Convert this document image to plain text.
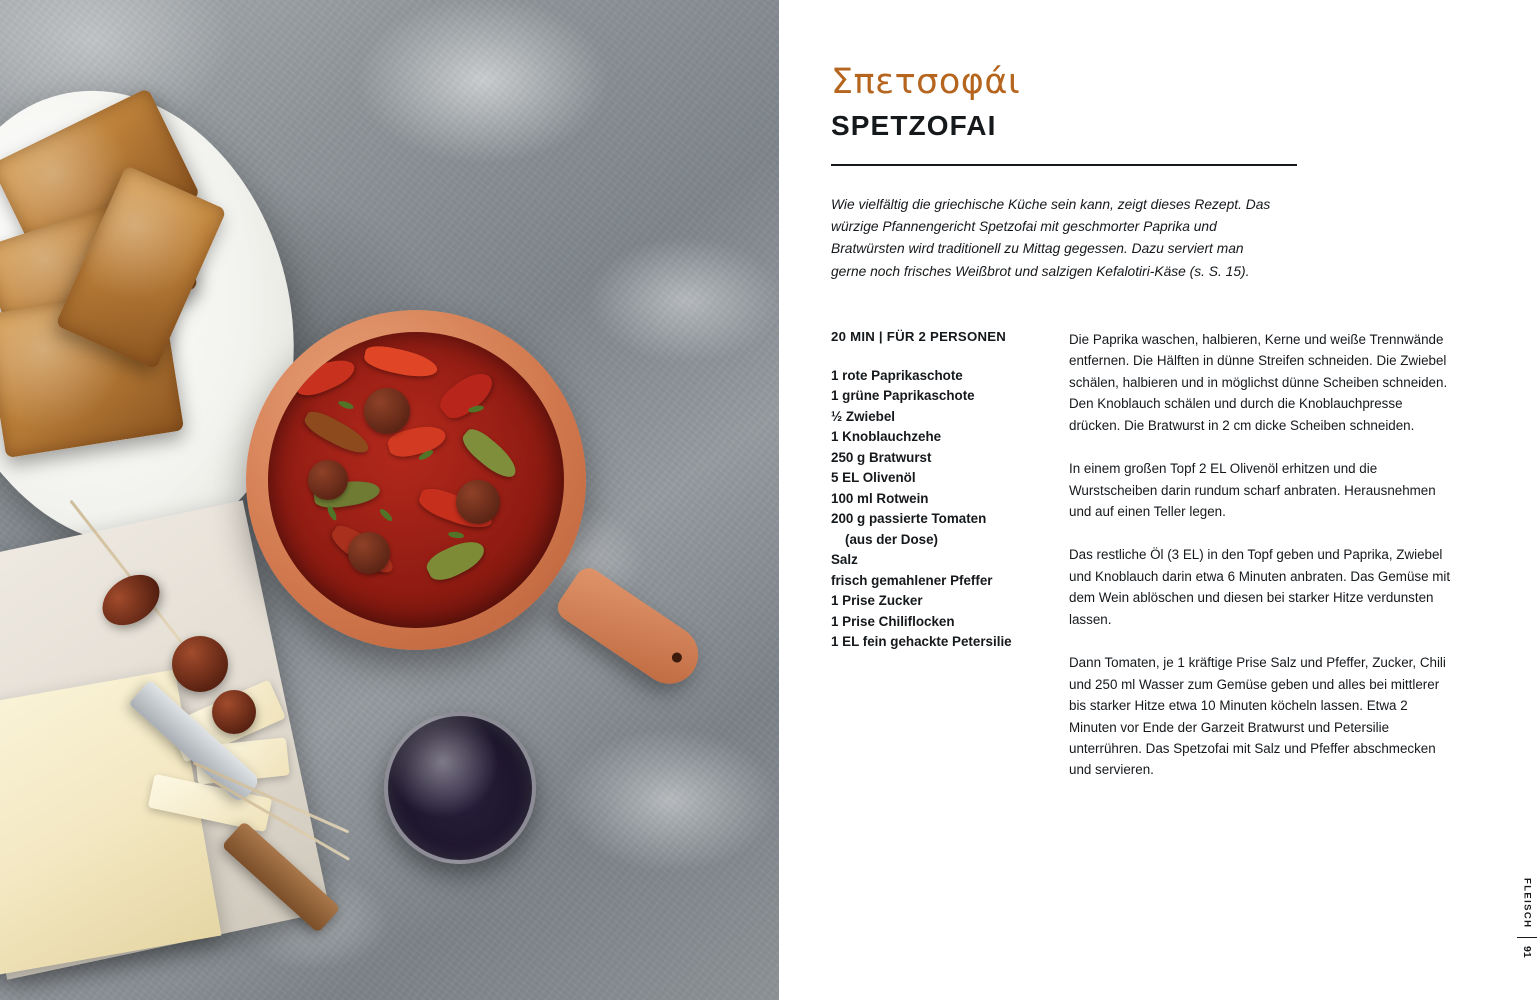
Σπετσοφάι
SPETZOFAI

Wie vielfältig die griechische Küche sein kann, zeigt dieses Rezept. Das würzige Pfannengericht Spetzofai mit geschmorter Paprika und Bratwürsten wird traditionell zu Mittag gegessen. Dazu serviert man gerne noch frisches Weißbrot und salzigen Kefalotiri-Käse (s. S. 15).

20 MIN | FÜR 2 PERSONEN
1 rote Paprikaschote
1 grüne Paprikaschote
½ Zwiebel
1 Knoblauchzehe
250 g Bratwurst
5 EL Olivenöl
100 ml Rotwein
200 g passierte Tomaten
(aus der Dose)
Salz
frisch gemahlener Pfeffer
1 Prise Zucker
1 Prise Chiliflocken
1 EL fein gehackte Petersilie

Die Paprika waschen, halbieren, Kerne und weiße Trennwände entfernen. Die Hälften in dünne Streifen schneiden. Die Zwiebel schälen, halbieren und in möglichst dünne Scheiben schneiden. Den Knoblauch schälen und durch die Knoblauchpresse drücken. Die Bratwurst in 2 cm dicke Scheiben schneiden.

In einem großen Topf 2 EL Olivenöl erhitzen und die Wurstscheiben darin rundum scharf anbraten. Herausnehmen und auf einen Teller legen.

Das restliche Öl (3 EL) in den Topf geben und Paprika, Zwiebel und Knoblauch darin etwa 6 Minuten anbraten. Das Gemüse mit dem Wein ablöschen und diesen bei starker Hitze verdunsten lassen.

Dann Tomaten, je 1 kräftige Prise Salz und Pfeffer, Zucker, Chili und 250 ml Wasser zum Gemüse geben und alles bei mittlerer bis starker Hitze etwa 10 Minuten köcheln lassen. Etwa 2 Minuten vor Ende der Garzeit Bratwurst und Petersilie unterrühren. Das Spetzofai mit Salz und Pfeffer abschmecken und servieren.

FLEISCH
91
